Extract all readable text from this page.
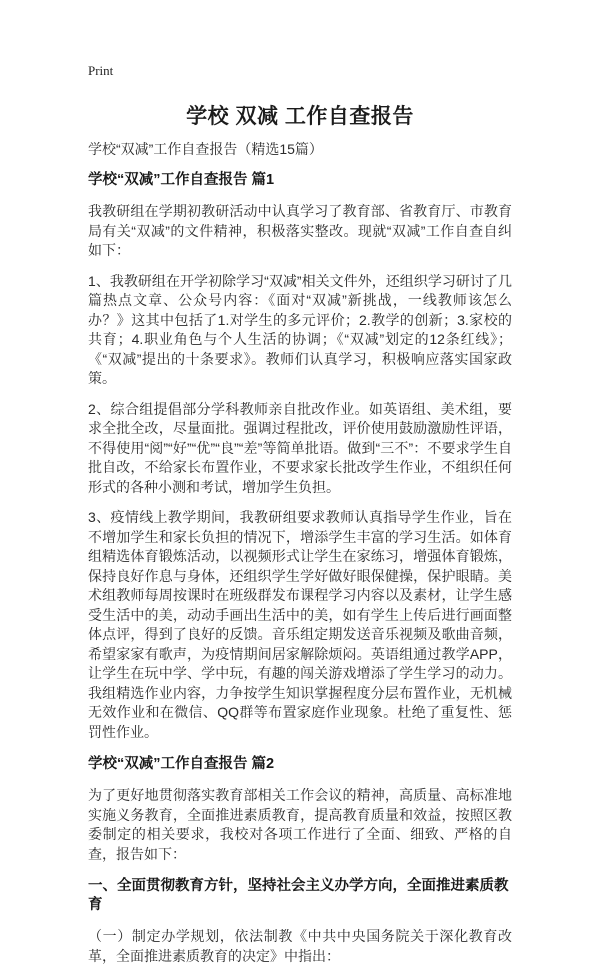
Print
学校 双减 工作自查报告

学校“双减”工作自查报告（精选15篇）

学校“双减”工作自查报告 篇1

我教研组在学期初教研活动中认真学习了教育部、省教育厅、市教育局有关“双减”的文件精神，积极落实整改。现就“双减”工作自查自纠如下：

1、我教研组在开学初除学习“双减”相关文件外，还组织学习研讨了几篇热点文章、公众号内容：《面对“双减”新挑战，一线教师该怎么办？》这其中包括了1.对学生的多元评价；2.教学的创新；3.家校的共育；4.职业角色与个人生活的协调；《“双减”划定的12条红线》；《“双减”提出的十条要求》。教师们认真学习，积极响应落实国家政策。

2、综合组提倡部分学科教师亲自批改作业。如英语组、美术组，要求全批全改，尽量面批。强调过程批改，评价使用鼓励激励性评语，不得使用“阅”“好”“优”“良”“差”等简单批语。做到“三不”：不要求学生自批自改，不给家长布置作业，不要求家长批改学生作业，不组织任何形式的各种小测和考试，增加学生负担。

3、疫情线上教学期间，我教研组要求教师认真指导学生作业，旨在不增加学生和家长负担的情况下，增添学生丰富的学习生活。如体育组精选体育锻炼活动，以视频形式让学生在家练习，增强体育锻炼，保持良好作息与身体，还组织学生学好做好眼保健操，保护眼睛。美术组教师每周按课时在班级群发布课程学习内容以及素材，让学生感受生活中的美，动动手画出生活中的美，如有学生上传后进行画面整体点评，得到了良好的反馈。音乐组定期发送音乐视频及歌曲音频，希望家家有歌声，为疫情期间居家解除烦闷。英语组通过教学APP，让学生在玩中学、学中玩，有趣的闯关游戏增添了学生学习的动力。我组精选作业内容，力争按学生知识掌握程度分层布置作业，无机械无效作业和在微信、QQ群等布置家庭作业现象。杜绝了重复性、惩罚性作业。

学校“双减”工作自查报告 篇2

为了更好地贯彻落实教育部相关工作会议的精神，高质量、高标准地实施义务教育，全面推进素质教育，提高教育质量和效益，按照区教委制定的相关要求，我校对各项工作进行了全面、细致、严格的自查，报告如下：

一、全面贯彻教育方针，坚持社会主义办学方向，全面推进素质教育

（一）制定办学规划，依法制教《中共中央国务院关于深化教育改革，全面推进素质教育的决定》中指出：
